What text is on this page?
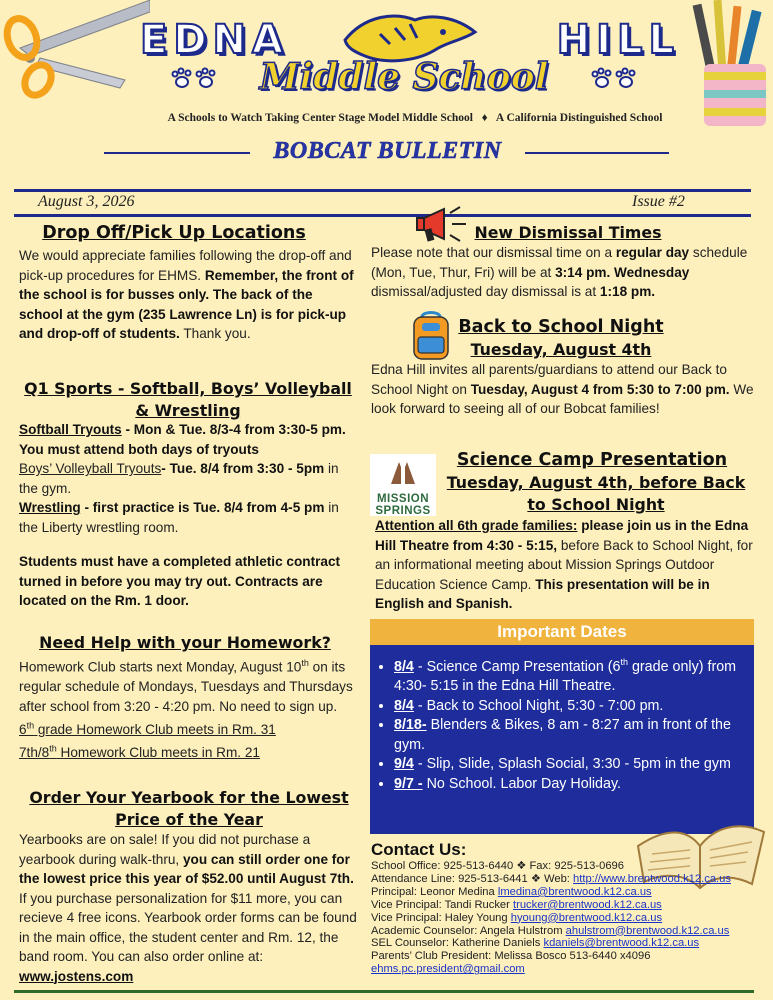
EDNA	HILL
Middle School
A Schools to Watch Taking Center Stage Model Middle School ♦ A California Distinguished School
BOBCAT BULLETIN
August 3, 2026	Issue #2
Drop Off/Pick Up Locations
We would appreciate families following the drop-off and pick-up procedures for EHMS. Remember, the front of the school is for busses only. The back of the school at the gym (235 Lawrence Ln) is for pick-up and drop-off of students. Thank you.
Q1 Sports - Softball, Boys’ Volleyball & Wrestling
Softball Tryouts - Mon & Tue. 8/3-4 from 3:30-5 pm. You must attend both days of tryouts
Boys’ Volleyball Tryouts- Tue. 8/4 from 3:30 - 5pm in the gym.
Wrestling - first practice is Tue. 8/4 from 4-5 pm in the Liberty wrestling room.
Students must have a completed athletic contract turned in before you may try out. Contracts are located on the Rm. 1 door.
Need Help with your Homework?
Homework Club starts next Monday, August 10th on its regular schedule of Mondays, Tuesdays and Thursdays after school from 3:20 - 4:20 pm. No need to sign up.
6th grade Homework Club meets in Rm. 31
7th/8th Homework Club meets in Rm. 21
Order Your Yearbook for the Lowest Price of the Year
Yearbooks are on sale! If you did not purchase a yearbook during walk-thru, you can still order one for the lowest price this year of $52.00 until August 7th. If you purchase personalization for $11 more, you can recieve 4 free icons. Yearbook order forms can be found in the main office, the student center and Rm. 12, the band room. You can also order online at: www.jostens.com
New Dismissal Times
Please note that our dismissal time on a regular day schedule (Mon, Tue, Thur, Fri) will be at 3:14 pm. Wednesday dismissal/adjusted day dismissal is at 1:18 pm.
Back to School Night
Tuesday, August 4th
Edna Hill invites all parents/guardians to attend our Back to School Night on Tuesday, August 4 from 5:30 to 7:00 pm. We look forward to seeing all of our Bobcat families!
MISSION
SPRINGS
Science Camp Presentation
Tuesday, August 4th, before Back to School Night
Attention all 6th grade families: please join us in the Edna Hill Theatre from 4:30 - 5:15, before Back to School Night, for an informational meeting about Mission Springs Outdoor Education Science Camp. This presentation will be in English and Spanish.
Important Dates
• 8/4 - Science Camp Presentation (6th grade only) from 4:30- 5:15 in the Edna Hill Theatre.
• 8/4 - Back to School Night, 5:30 - 7:00 pm.
• 8/18- Blenders & Bikes, 8 am - 8:27 am in front of the gym.
• 9/4 - Slip, Slide, Splash Social, 3:30 - 5pm in the gym
• 9/7 - No School. Labor Day Holiday.
Contact Us:
School Office: 925-513-6440 ❖ Fax: 925-513-0696
Attendance Line: 925-513-6441 ❖ Web: http://www.brentwood.k12.ca.us
Principal: Leonor Medina lmedina@brentwood.k12.ca.us
Vice Principal: Tandi Rucker trucker@brentwood.k12.ca.us
Vice Principal: Haley Young hyoung@brentwood.k12.ca.us
Academic Counselor: Angela Hulstrom ahulstrom@brentwood.k12.ca.us
SEL Counselor: Katherine Daniels kdaniels@brentwood.k12.ca.us
Parents’ Club President: Melissa Bosco 513-6440 x4096
ehms.pc.president@gmail.com
